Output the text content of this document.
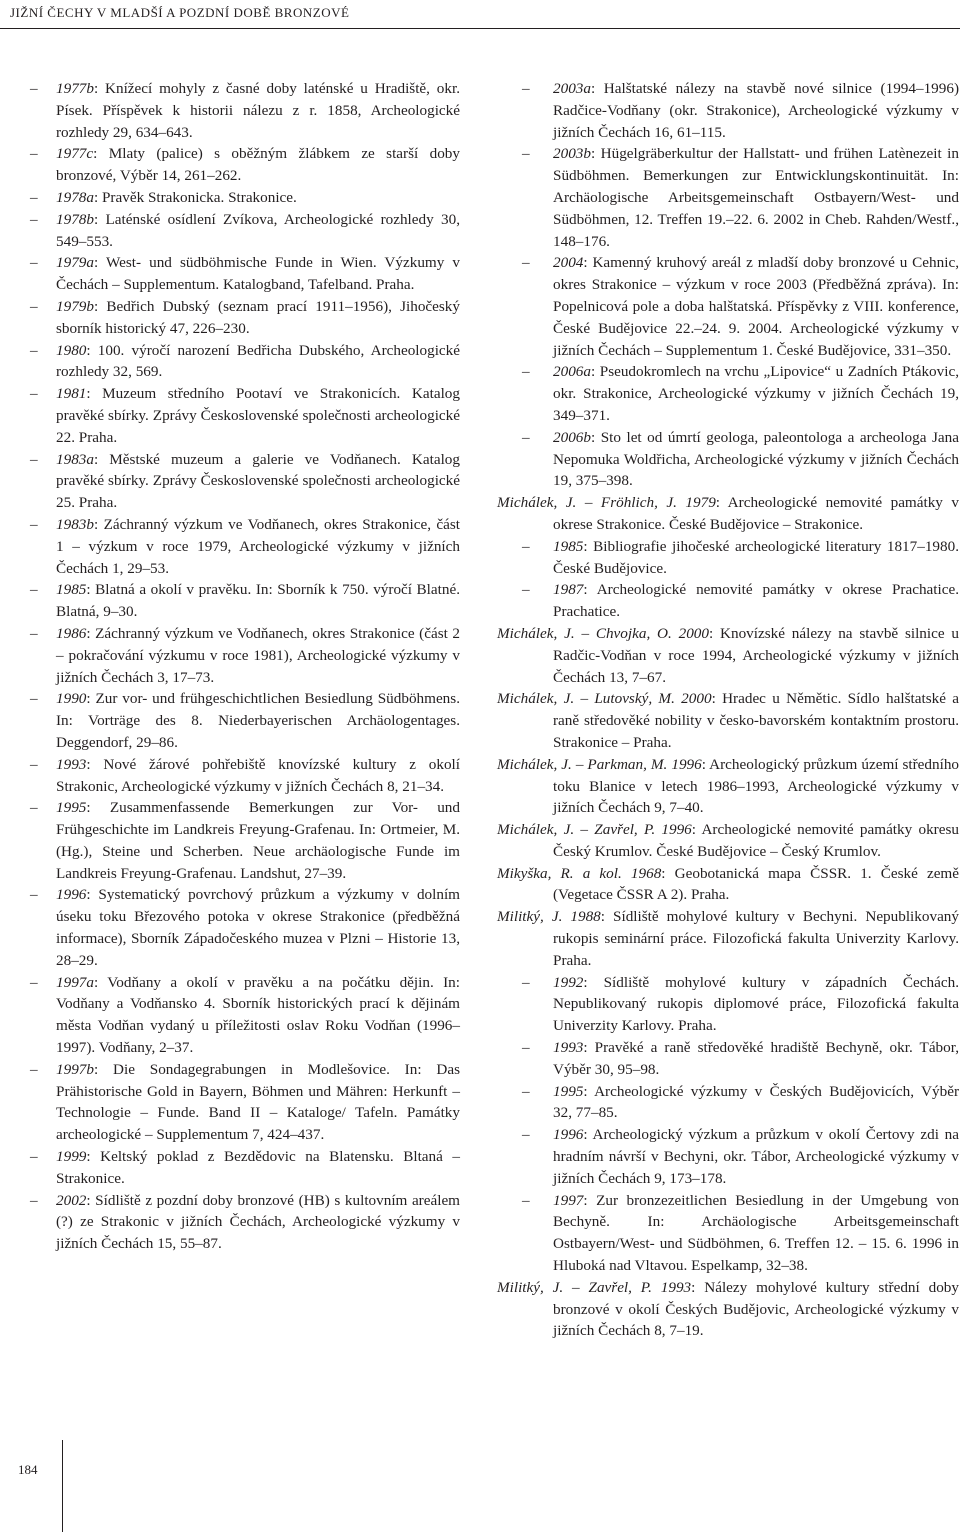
JIŽNÍ ČECHY V MLADŠÍ A POZDNÍ DOBĚ BRONZOVÉ
–	1977b: Knížecí mohyly z časné doby laténské u Hradiště, okr. Písek. Příspěvek k historii nálezu z r. 1858, Archeologické rozhledy 29, 634–643.
–	1977c: Mlaty (palice) s oběžným žlábkem ze starší doby bronzové, Výběr 14, 261–262.
–	1978a: Pravěk Strakonicka. Strakonice.
–	1978b: Laténské osídlení Zvíkova, Archeologické rozhledy 30, 549–553.
–	1979a: West- und südböhmische Funde in Wien. Výzkumy v Čechách – Supplementum. Katalogband, Tafelband. Praha.
–	1979b: Bedřich Dubský (seznam prací 1911–1956), Jihočeský sborník historický 47, 226–230.
–	1980: 100. výročí narození Bedřicha Dubského, Archeologické rozhledy 32, 569.
–	1981: Muzeum středního Pootaví ve Strakonicích. Katalog pravěké sbírky. Zprávy Československé společnosti archeologické 22. Praha.
–	1983a: Městské muzeum a galerie ve Vodňanech. Katalog pravěké sbírky. Zprávy Československé společnosti archeologické 25. Praha.
–	1983b: Záchranný výzkum ve Vodňanech, okres Strakonice, část 1 – výzkum v roce 1979, Archeologické výzkumy v jižních Čechách 1, 29–53.
–	1985: Blatná a okolí v pravěku. In: Sborník k 750. výročí Blatné. Blatná, 9–30.
–	1986: Záchranný výzkum ve Vodňanech, okres Strakonice (část 2 – pokračování výzkumu v roce 1981), Archeologické výzkumy v jižních Čechách 3, 17–73.
–	1990: Zur vor- und frühgeschichtlichen Besiedlung Südböhmens. In: Vorträge des 8. Niederbayerischen Archäologentages. Deggendorf, 29–86.
–	1993: Nové žárové pohřebiště knovízské kultury z okolí Strakonic, Archeologické výzkumy v jižních Čechách 8, 21–34.
–	1995: Zusammenfassende Bemerkungen zur Vor- und Frühgeschichte im Landkreis Freyung-Grafenau. In: Ortmeier, M. (Hg.), Steine und Scherben. Neue archäologische Funde im Landkreis Freyung-Grafenau. Landshut, 27–39.
–	1996: Systematický povrchový průzkum a výzkumy v dolním úseku toku Březového potoka v okrese Strakonice (předběžná informace), Sborník Západočeského muzea v Plzni – Historie 13, 28–29.
–	1997a: Vodňany a okolí v pravěku a na počátku dějin. In: Vodňany a Vodňansko 4. Sborník historických prací k dějinám města Vodňan vydaný u příležitosti oslav Roku Vodňan (1996–1997). Vodňany, 2–37.
–	1997b: Die Sondagegrabungen in Modlešovice. In: Das Prähistorische Gold in Bayern, Böhmen und Mähren: Herkunft – Technologie – Funde. Band II – Kataloge/ Tafeln. Památky archeologické – Supplementum 7, 424–437.
–	1999: Keltský poklad z Bezdědovic na Blatensku. Bltaná – Strakonice.
–	2002: Sídliště z pozdní doby bronzové (HB) s kultovním areálem (?) ze Strakonic v jižních Čechách, Archeologické výzkumy v jižních Čechách 15, 55–87.
– 2003a: Halštatské nálezy na stavbě nové silnice (1994–1996) Radčice-Vodňany (okr. Strakonice), Archeologické výzkumy v jižních Čechách 16, 61–115.
– 2003b: Hügelgräberkultur der Hallstatt- und frühen Latènezeit in Südböhmen. Bemerkungen zur Entwicklungskontinuität. In: Archäologische Arbeitsgemeinschaft Ostbayern/West- und Südböhmen, 12. Treffen 19.–22. 6. 2002 in Cheb. Rahden/Westf., 148–176.
– 2004: Kamenný kruhový areál z mladší doby bronzové u Cehnic, okres Strakonice – výzkum v roce 2003 (Předběžná zpráva). In: Popelnicová pole a doba halštatská. Příspěvky z VIII. konference, České Budějovice 22.–24. 9. 2004. Archeologické výzkumy v jižních Čechách – Supplementum 1. České Budějovice, 331–350.
– 2006a: Pseudokromlech na vrchu „Lipovice“ u Zadních Ptákovic, okr. Strakonice, Archeologické výzkumy v jižních Čechách 19, 349–371.
– 2006b: Sto let od úmrtí geologa, paleontologa a archeologa Jana Nepomuka Woldřicha, Archeologické výzkumy v jižních Čechách 19, 375–398.
Michálek, J. – Fröhlich, J. 1979: Archeologické nemovité památky v okrese Strakonice. České Budějovice – Strakonice.
– 1985: Bibliografie jihočeské archeologické literatury 1817–1980. České Budějovice.
– 1987: Archeologické nemovité památky v okrese Prachatice. Prachatice.
Michálek, J. – Chvojka, O. 2000: Knovízské nálezy na stavbě silnice u Radčic-Vodňan v roce 1994, Archeologické výzkumy v jižních Čechách 13, 7–67.
Michálek, J. – Lutovský, M. 2000: Hradec u Němětic. Sídlo halštatské a raně středověké nobility v česko-bavorském kontaktním prostoru. Strakonice – Praha.
Michálek, J. – Parkman, M. 1996: Archeologický průzkum území středního toku Blanice v letech 1986–1993, Archeologické výzkumy v jižních Čechách 9, 7–40.
Michálek, J. – Zavřel, P. 1996: Archeologické nemovité památky okresu Český Krumlov. České Budějovice – Český Krumlov.
Mikyška, R. a kol. 1968: Geobotanická mapa ČSSR. 1. České země (Vegetace ČSSR A 2). Praha.
Militký, J. 1988: Sídliště mohylové kultury v Bechyni. Nepublikovaný rukopis seminární práce. Filozofická fakulta Univerzity Karlovy. Praha.
– 1992: Sídliště mohylové kultury v západních Čechách. Nepublikovaný rukopis diplomové práce, Filozofická fakulta Univerzity Karlovy. Praha.
– 1993: Pravěké a raně středověké hradiště Bechyně, okr. Tábor, Výběr 30, 95–98.
– 1995: Archeologické výzkumy v Českých Budějovicích, Výběr 32, 77–85.
– 1996: Archeologický výzkum a průzkum v okolí Čertovy zdi na hradním návrší v Bechyni, okr. Tábor, Archeologické výzkumy v jižních Čechách 9, 173–178.
– 1997: Zur bronzezeitlichen Besiedlung in der Umgebung von Bechyně. In: Archäologische Arbeitsgemeinschaft Ostbayern/West- und Südböhmen, 6. Treffen 12. – 15. 6. 1996 in Hluboká nad Vltavou. Espelkamp, 32–38.
Militký, J. – Zavřel, P. 1993: Nálezy mohylové kultury střední doby bronzové v okolí Českých Budějovic, Archeologické výzkumy v jižních Čechách 8, 7–19.
184
